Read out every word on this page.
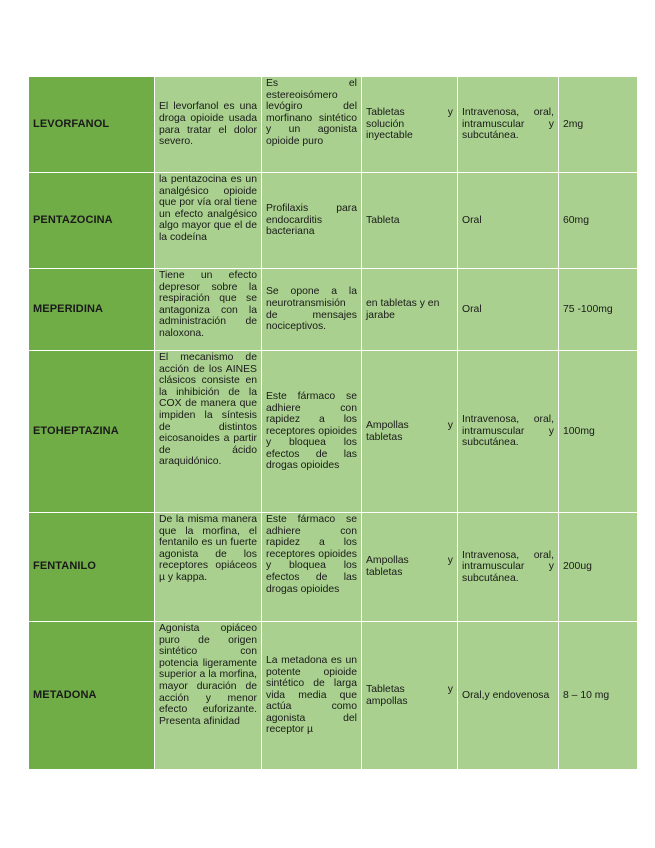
LEVORFANOL	El levorfanol es una droga opioide usada para tratar el dolor severo.	Es el estereoisómero levógiro del morfinano sintético y un agonista opioide puro	Tabletas y solución inyectable	Intravenosa, oral, intramuscular y subcutánea.	2mg
PENTAZOCINA	la pentazocina es un analgésico opioide que por vía oral tiene un efecto analgésico algo mayor que el de la codeína	Profilaxis para endocarditis bacteriana	Tableta	Oral	60mg
MEPERIDINA	Tiene un efecto depresor sobre la respiración que se antagoniza con la administración de naloxona.	Se opone a la neurotransmisión de mensajes nociceptivos.	en tabletas y en jarabe	Oral	75 -100mg
ETOHEPTAZINA	El mecanismo de acción de los AINES clásicos consiste en la inhibición de la COX de manera que impiden la síntesis de distintos eicosanoides a partir de ácido araquidónico.	Este fármaco se adhiere con rapidez a los receptores opioides y bloquea los efectos de las drogas opioides	Ampollas y tabletas	Intravenosa, oral, intramuscular y subcutánea.	100mg
FENTANILO	De la misma manera que la morfina, el fentanilo es un fuerte agonista de los receptores opiáceos µ y kappa.	Este fármaco se adhiere con rapidez a los receptores opioides y bloquea los efectos de las drogas opioides	Ampollas y tabletas	Intravenosa, oral, intramuscular y subcutánea.	200ug
METADONA	Agonista opiáceo puro de origen sintético con potencia ligeramente superior a la morfina, mayor duración de acción y menor efecto euforizante. Presenta afinidad	La metadona es un potente opioide sintético de larga vida media que actúa como agonista del receptor µ	Tabletas y ampollas	Oral,y endovenosa	8 – 10 mg
